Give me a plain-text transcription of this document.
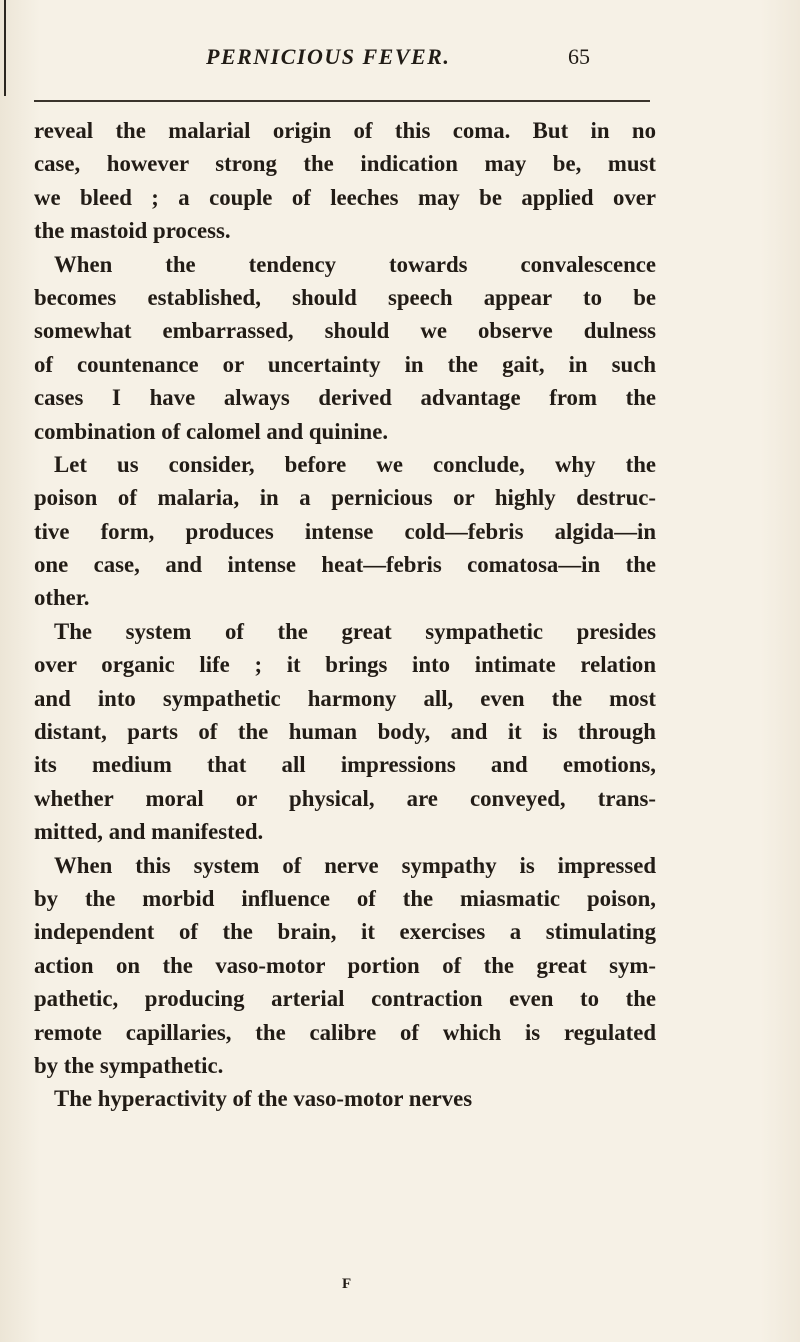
PERNICIOUS FEVER.	65
reveal the malarial origin of this coma. But in no
case, however strong the indication may be, must
we bleed ; a couple of leeches may be applied over
the mastoid process.
When the tendency towards convalescence
becomes established, should speech appear to be
somewhat embarrassed, should we observe dulness
of countenance or uncertainty in the gait, in such
cases I have always derived advantage from the
combination of calomel and quinine.
Let us consider, before we conclude, why the
poison of malaria, in a pernicious or highly destruc-
tive form, produces intense cold—febris algida—in
one case, and intense heat—febris comatosa—in the
other.
The system of the great sympathetic presides
over organic life ; it brings into intimate relation
and into sympathetic harmony all, even the most
distant, parts of the human body, and it is through
its medium that all impressions and emotions,
whether moral or physical, are conveyed, trans-
mitted, and manifested.
When this system of nerve sympathy is impressed
by the morbid influence of the miasmatic poison,
independent of the brain, it exercises a stimulating
action on the vaso-motor portion of the great sym-
pathetic, producing arterial contraction even to the
remote capillaries, the calibre of which is regulated
by the sympathetic.
The hyperactivity of the vaso-motor nerves
F
